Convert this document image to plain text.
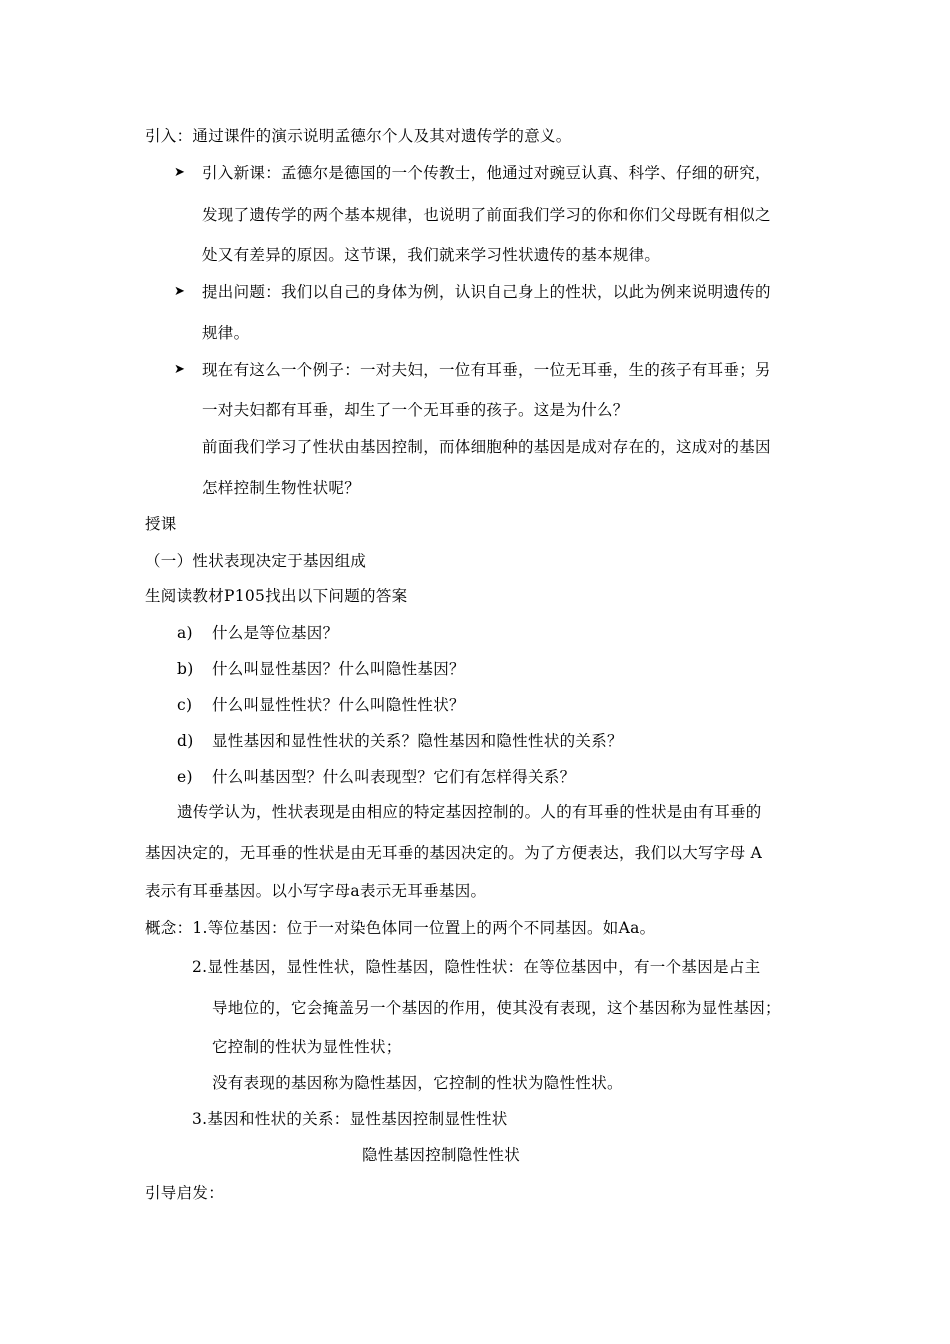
引入：通过课件的演示说明孟德尔个人及其对遗传学的意义。
➤ 引入新课：孟德尔是德国的一个传教士，他通过对豌豆认真、科学、仔细的研究，
发现了遗传学的两个基本规律，也说明了前面我们学习的你和你们父母既有相似之
处又有差异的原因。这节课，我们就来学习性状遗传的基本规律。
➤ 提出问题：我们以自己的身体为例，认识自己身上的性状，以此为例来说明遗传的
规律。
➤ 现在有这么一个例子：一对夫妇，一位有耳垂，一位无耳垂，生的孩子有耳垂；另
一对夫妇都有耳垂，却生了一个无耳垂的孩子。这是为什么？
前面我们学习了性状由基因控制，而体细胞种的基因是成对存在的，这成对的基因
怎样控制生物性状呢？
授课
（一）性状表现决定于基因组成
生阅读教材P105找出以下问题的答案
a) 什么是等位基因？
b) 什么叫显性基因？什么叫隐性基因？
c) 什么叫显性性状？什么叫隐性性状？
d) 显性基因和显性性状的关系？隐性基因和隐性性状的关系？
e) 什么叫基因型？什么叫表现型？它们有怎样得关系？
遗传学认为，性状表现是由相应的特定基因控制的。人的有耳垂的性状是由有耳垂的
基因决定的，无耳垂的性状是由无耳垂的基因决定的。为了方便表达，我们以大写字母 A
表示有耳垂基因。以小写字母a表示无耳垂基因。
概念：1.等位基因：位于一对染色体同一位置上的两个不同基因。如Aa。
2.显性基因，显性性状，隐性基因，隐性性状：在等位基因中，有一个基因是占主
导地位的，它会掩盖另一个基因的作用，使其没有表现，这个基因称为显性基因；
它控制的性状为显性性状；
没有表现的基因称为隐性基因，它控制的性状为隐性性状。
3.基因和性状的关系：显性基因控制显性性状
隐性基因控制隐性性状
引导启发：
